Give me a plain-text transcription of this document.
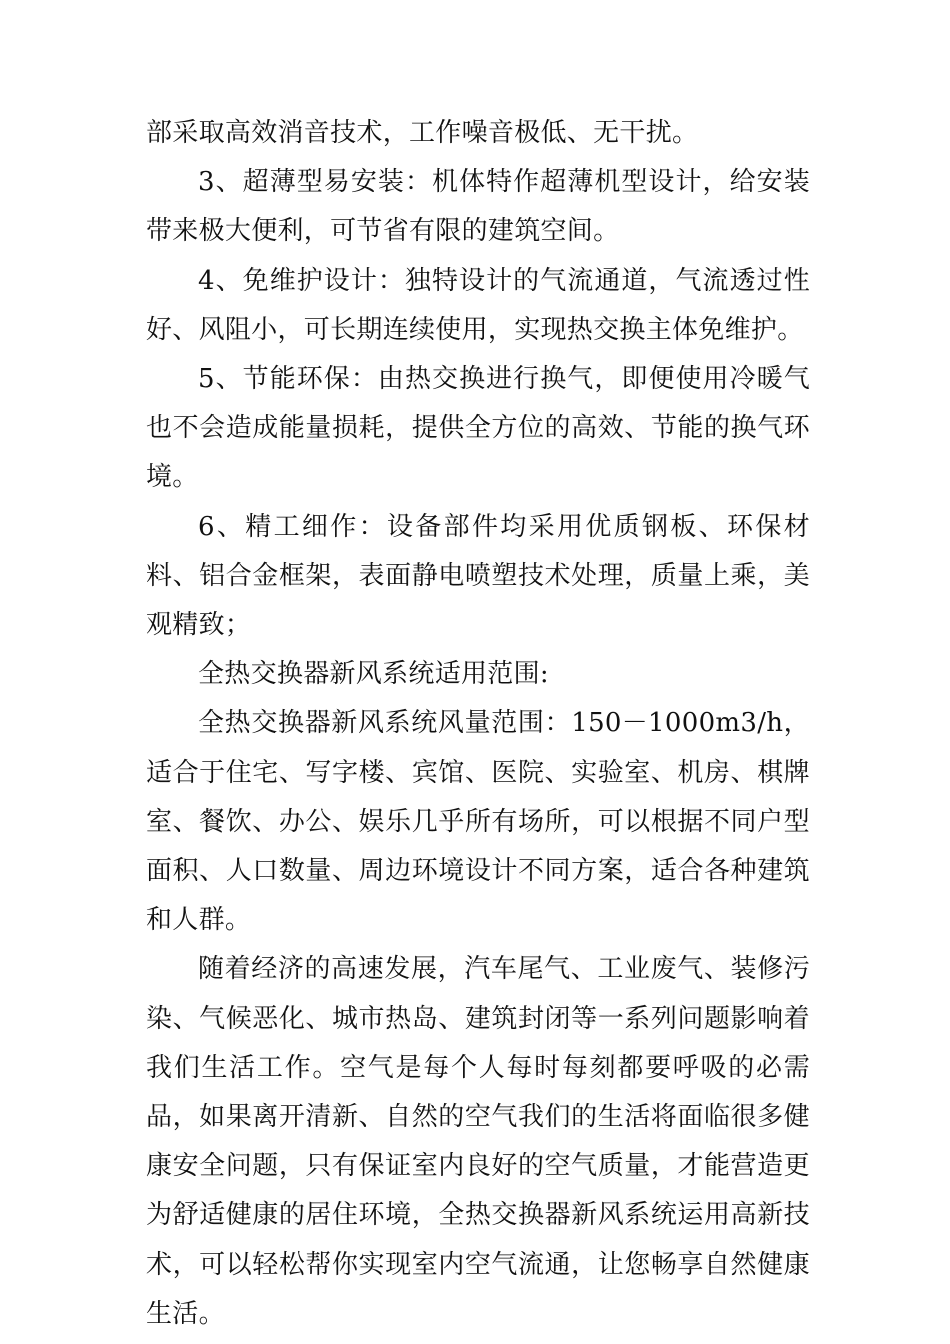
部采取高效消音技术，工作噪音极低、无干扰。

3、超薄型易安装：机体特作超薄机型设计，给安装带来极大便利，可节省有限的建筑空间。

4、免维护设计：独特设计的气流通道，气流透过性好、风阻小，可长期连续使用，实现热交换主体免维护。

5、节能环保：由热交换进行换气，即便使用冷暖气也不会造成能量损耗，提供全方位的高效、节能的换气环境。

6、精工细作：设备部件均采用优质钢板、环保材料、铝合金框架，表面静电喷塑技术处理，质量上乘，美观精致；

全热交换器新风系统适用范围:

全热交换器新风系统风量范围：150－1000m3/h，适合于住宅、写字楼、宾馆、医院、实验室、机房、棋牌室、餐饮、办公、娱乐几乎所有场所，可以根据不同户型面积、人口数量、周边环境设计不同方案，适合各种建筑和人群。

随着经济的高速发展，汽车尾气、工业废气、装修污染、气候恶化、城市热岛、建筑封闭等一系列问题影响着我们生活工作。空气是每个人每时每刻都要呼吸的必需品，如果离开清新、自然的空气我们的生活将面临很多健康安全问题，只有保证室内良好的空气质量，才能营造更为舒适健康的居住环境，全热交换器新风系统运用高新技术，可以轻松帮你实现室内空气流通，让您畅享自然健康生活。
